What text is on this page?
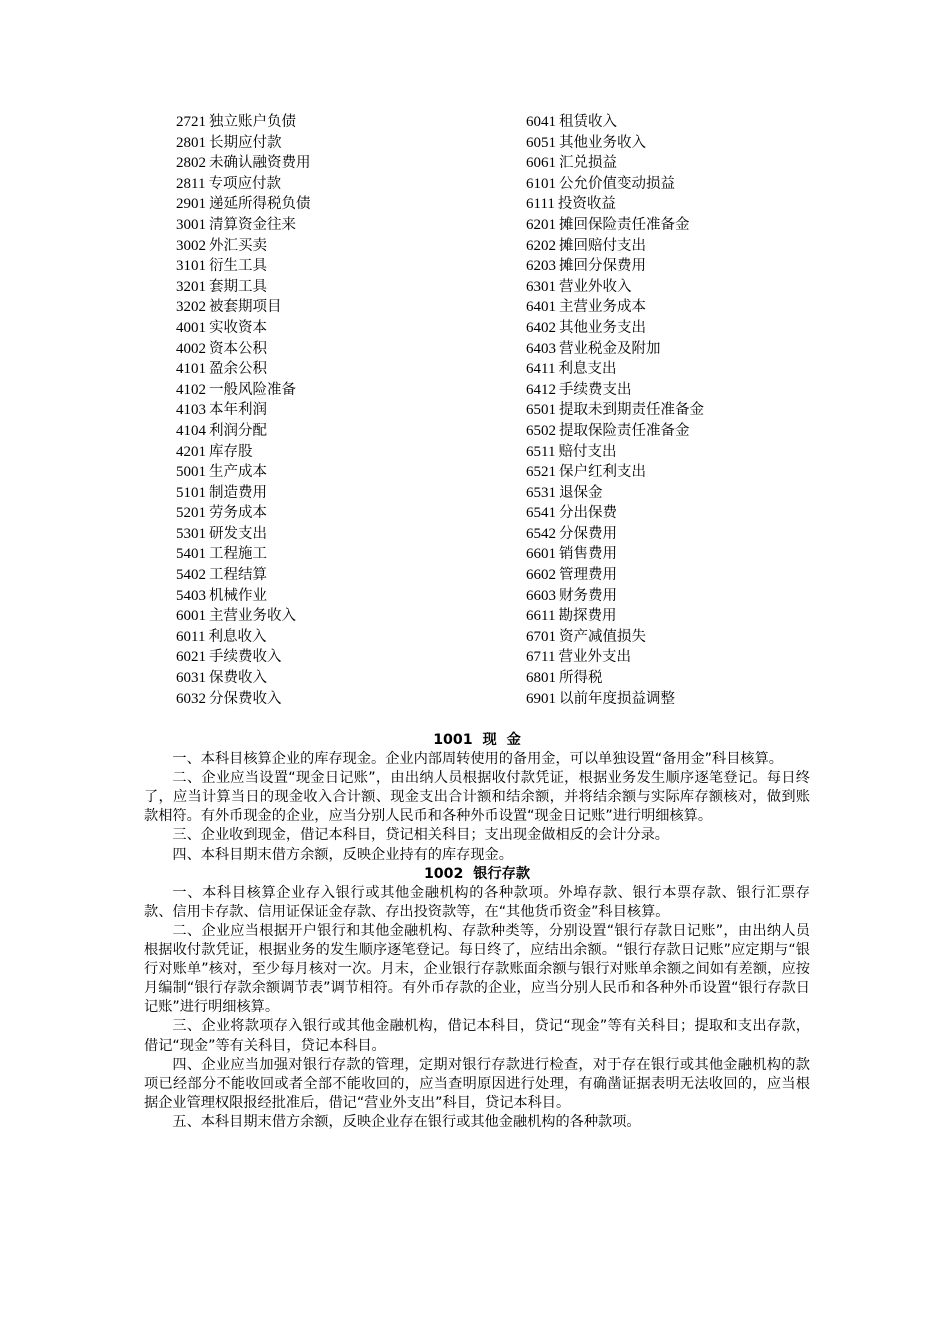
2721 独立账户负债
2801 长期应付款
2802 未确认融资费用
2811 专项应付款
2901 递延所得税负债
3001 清算资金往来
3002 外汇买卖
3101 衍生工具
3201 套期工具
3202 被套期项目
4001 实收资本
4002 资本公积
4101 盈余公积
4102 一般风险准备
4103 本年利润
4104 利润分配
4201 库存股
5001 生产成本
5101 制造费用
5201 劳务成本
5301 研发支出
5401 工程施工
5402 工程结算
5403 机械作业
6001 主营业务收入
6011 利息收入
6021 手续费收入
6031 保费收入
6032 分保费收入
6041 租赁收入
6051 其他业务收入
6061 汇兑损益
6101 公允价值变动损益
6111 投资收益
6201 摊回保险责任准备金
6202 摊回赔付支出
6203 摊回分保费用
6301 营业外收入
6401 主营业务成本
6402 其他业务支出
6403 营业税金及附加
6411 利息支出
6412 手续费支出
6501 提取未到期责任准备金
6502 提取保险责任准备金
6511 赔付支出
6521 保户红利支出
6531 退保金
6541 分出保费
6542 分保费用
6601 销售费用
6602 管理费用
6603 财务费用
6611 勘探费用
6701 资产减值损失
6711 营业外支出
6801 所得税
6901 以前年度损益调整
1001  现  金

一、本科目核算企业的库存现金。企业内部周转使用的备用金，可以单独设置“备用金”科目核算。

二、企业应当设置“现金日记账”，由出纳人员根据收付款凭证，根据业务发生顺序逐笔登记。每日终了，应当计算当日的现金收入合计额、现金支出合计额和结余额，并将结余额与实际库存额核对，做到账款相符。有外币现金的企业，应当分别人民币和各种外币设置“现金日记账”进行明细核算。

三、企业收到现金，借记本科目，贷记相关科目；支出现金做相反的会计分录。

四、本科目期末借方余额，反映企业持有的库存现金。

1002  银行存款

一、本科目核算企业存入银行或其他金融机构的各种款项。外埠存款、银行本票存款、银行汇票存款、信用卡存款、信用证保证金存款、存出投资款等，在“其他货币资金”科目核算。

二、企业应当根据开户银行和其他金融机构、存款种类等，分别设置“银行存款日记账”，由出纳人员根据收付款凭证，根据业务的发生顺序逐笔登记。每日终了，应结出余额。“银行存款日记账”应定期与“银行对账单”核对，至少每月核对一次。月末，企业银行存款账面余额与银行对账单余额之间如有差额，应按月编制“银行存款余额调节表”调节相符。有外币存款的企业，应当分别人民币和各种外币设置“银行存款日记账”进行明细核算。

三、企业将款项存入银行或其他金融机构，借记本科目，贷记“现金”等有关科目；提取和支出存款，借记“现金”等有关科目，贷记本科目。

四、企业应当加强对银行存款的管理，定期对银行存款进行检查，对于存在银行或其他金融机构的款项已经部分不能收回或者全部不能收回的，应当查明原因进行处理，有确凿证据表明无法收回的，应当根据企业管理权限报经批准后，借记“营业外支出”科目，贷记本科目。

五、本科目期末借方余额，反映企业存在银行或其他金融机构的各种款项。
